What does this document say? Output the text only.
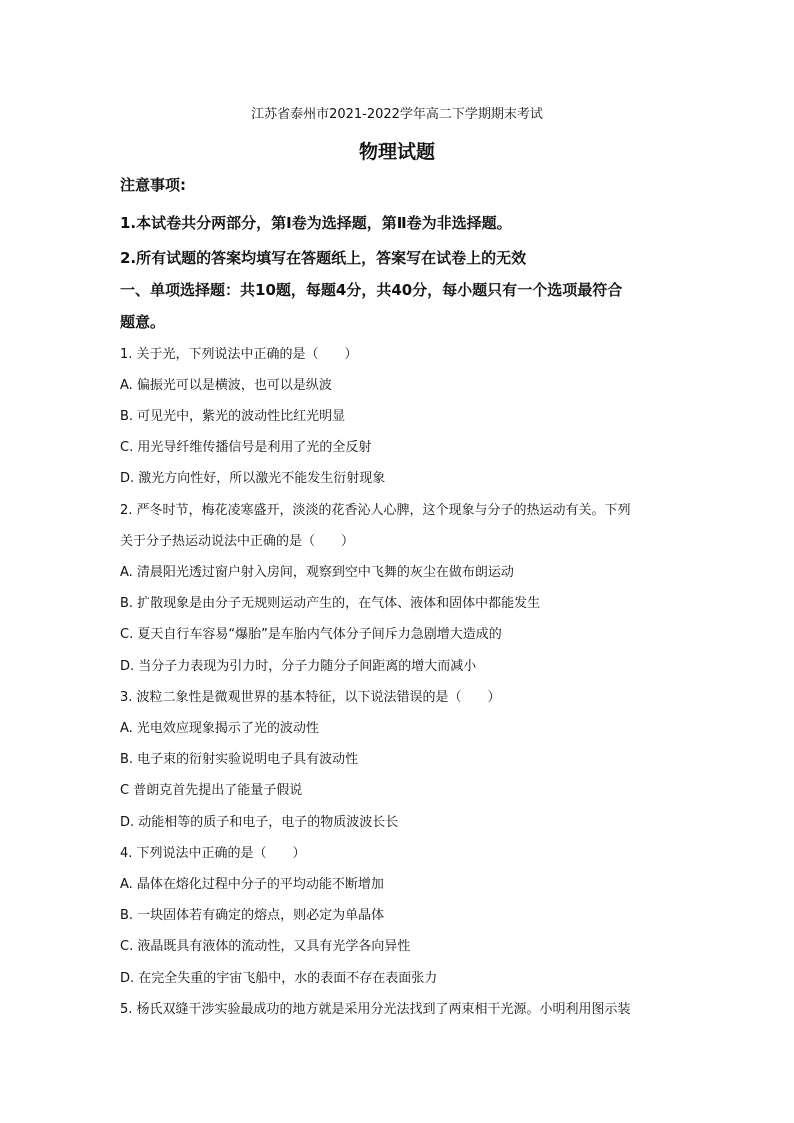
江苏省泰州市2021-2022学年高二下学期期末考试
物理试题
注意事项:
1.本试卷共分两部分，第Ⅰ卷为选择题，第Ⅱ卷为非选择题。
2.所有试题的答案均填写在答题纸上，答案写在试卷上的无效
一、单项选择题：共10题，每题4分，共40分，每小题只有一个选项最符合
题意。
1. 关于光，下列说法中正确的是（　　）
A. 偏振光可以是横波，也可以是纵波
B. 可见光中，紫光的波动性比红光明显
C. 用光导纤维传播信号是利用了光的全反射
D. 激光方向性好，所以激光不能发生衍射现象
2. 严冬时节，梅花凌寒盛开，淡淡的花香沁人心脾，这个现象与分子的热运动有关。下列
关于分子热运动说法中正确的是（　　）
A. 清晨阳光透过窗户射入房间，观察到空中飞舞的灰尘在做布朗运动
B. 扩散现象是由分子无规则运动产生的，在气体、液体和固体中都能发生
C. 夏天自行车容易“爆胎”是车胎内气体分子间斥力急剧增大造成的
D. 当分子力表现为引力时，分子力随分子间距离的增大而减小
3. 波粒二象性是微观世界的基本特征，以下说法错误的是（　　）
A. 光电效应现象揭示了光的波动性
B. 电子束的衍射实验说明电子具有波动性
C 普朗克首先提出了能量子假说
D. 动能相等的质子和电子，电子的物质波波长长
4. 下列说法中正确的是（　　）
A. 晶体在熔化过程中分子的平均动能不断增加
B. 一块固体若有确定的熔点，则必定为单晶体
C. 液晶既具有液体的流动性，又具有光学各向异性
D. 在完全失重的宇宙飞船中，水的表面不存在表面张力
5. 杨氏双缝干涉实验最成功的地方就是采用分光法找到了两束相干光源。小明利用图示装
